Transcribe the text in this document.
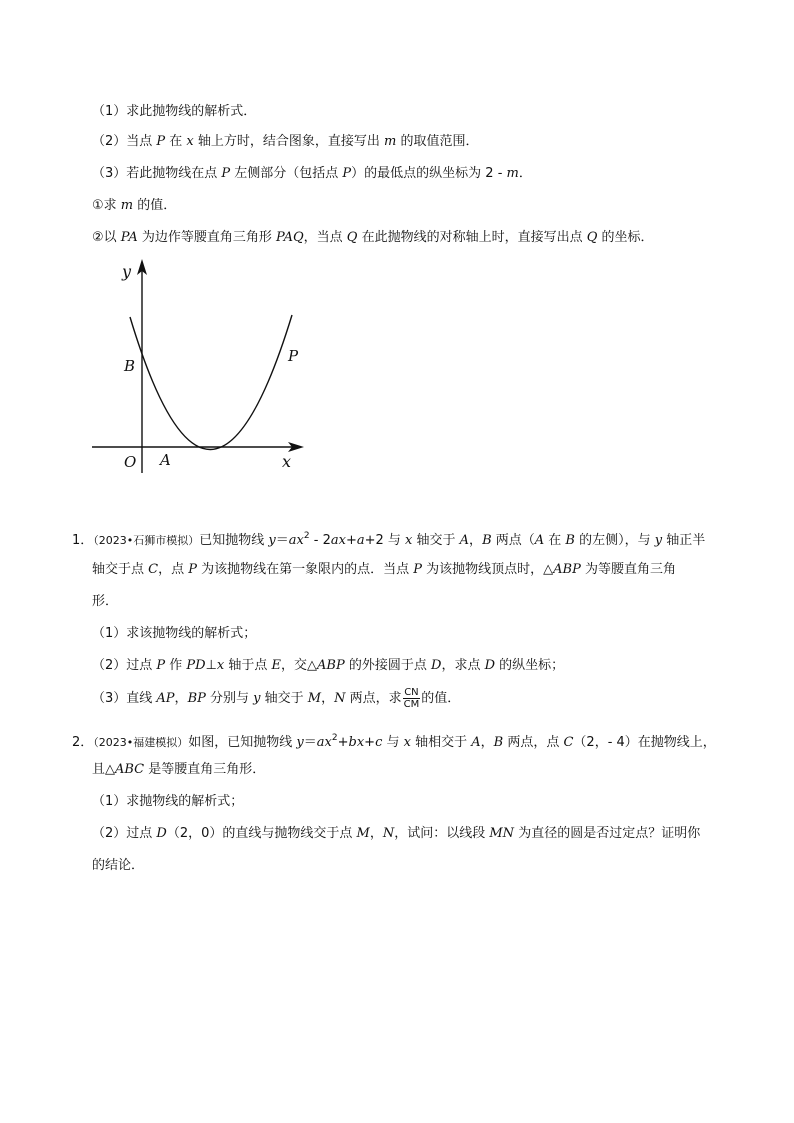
（1）求此抛物线的解析式．
（2）当点 P 在 x 轴上方时，结合图象，直接写出 m 的取值范围．
（3）若此抛物线在点 P 左侧部分（包括点 P）的最低点的纵坐标为 2 - m．
①求 m 的值．
②以 PA 为边作等腰直角三角形 PAQ，当点 Q 在此抛物线的对称轴上时，直接写出点 Q 的坐标．
y
x
O A
B
P
1．（2023•石狮市模拟）已知抛物线 $y=ax^2 - 2ax+a+2$ 与 x 轴交于 A，B 两点（A 在 B 的左侧），与 y 轴正半
轴交于点 C，点 P 为该抛物线在第一象限内的点．当点 P 为该抛物线顶点时，△ABP 为等腰直角三角
形．
（1）求该抛物线的解析式；
（2）过点 P 作 PD⊥x 轴于点 E，交△ABP 的外接圆于点 D，求点 D 的纵坐标；
（3）直线 AP，BP 分别与 y 轴交于 M，N 两点，求 $\frac{CN}{CM}$ 的值．
2．（2023•福建模拟）如图，已知抛物线 $y=ax^2+bx+c$ 与 x 轴相交于 A，B 两点，点 C（2，- 4）在抛物线上，
且△ABC 是等腰直角三角形．
（1）求抛物线的解析式；
（2）过点 D（2，0）的直线与抛物线交于点 M，N，试问：以线段 MN 为直径的圆是否过定点？证明你
的结论．
